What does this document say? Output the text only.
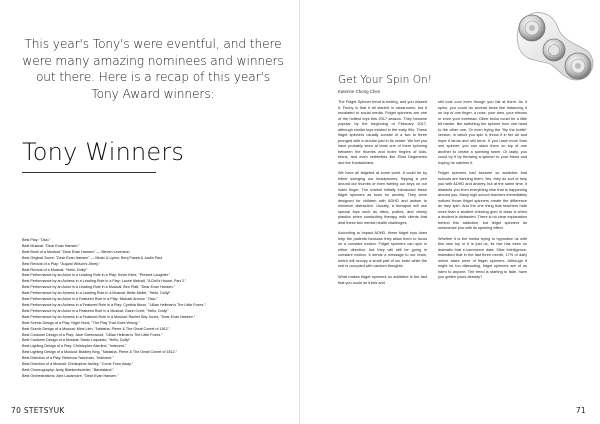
This year's Tony's were eventful, and there were many amazing nominees and winners out there. Here is a recap of this year's Tony Award winners:

Tony Winners
Best Play: "Oslo."
Best Musical: "Dear Evan Hansen."
Best Book of a Musical: "Dear Evan Hansen" — Steven Levenson
Best Original Score: "Dear Evan Hansen" — Music & Lyrics: Benj Pasek & Justin Paul
Best Revival of a Play: "August Wilson's Jitney."
Best Revival of a Musical: "Hello, Dolly!"
Best Performance by an Actor in a Leading Role in a Play: Kevin Kline, "Present Laughter."
Best Performance by an Actress in a Leading Role in a Play: Laurie Metcalf, "A Doll's House, Part 2."
Best Performance by an Actor in a Leading Role in a Musical: Ben Platt, "Dear Evan Hansen."
Best Performance by an Actress in a Leading Role in a Musical: Bette Midler, "Hello, Dolly!"
Best Performance by an Actor in a Featured Role in a Play: Michael Aronov, "Oslo."
Best Performance by an Actress in a Featured Role in a Play: Cynthia Nixon, "Lillian Hellman's The Little Foxes."
Best Performance by an Actor in a Featured Role in a Musical: Gavin Creel, "Hello, Dolly!"
Best Performance by an Actress in a Featured Role in a Musical: Rachel Bay Jones, "Dear Evan Hansen."
Best Scenic Design of a Play: Nigel Hook, "The Play That Goes Wrong."
Best Scenic Design of a Musical: Mimi Lien, "Natasha, Pierre & The Great Comet of 1812."
Best Costume Design of a Play: Jane Greenwood, "Lillian Hellman's The Little Foxes."
Best Costume Design of a Musical: Santo Loquasto, "Hello, Dolly!"
Best Lighting Design of a Play: Christopher Akerlind, "Indecent."
Best Lighting Design of a Musical: Bradley King, "Natasha, Pierre & The Great Comet of 1812."
Best Direction of a Play: Rebecca Taichman, "Indecent."
Best Direction of a Musical: Christopher Ashley, "Come From Away."
Best Choreography: Andy Blankenbuehler, "Bandstand."
Best Orchestrations: Alex Lacamoire, "Dear Evan Hansen."
70 STETSYUK	71
Get Your Spin On!
Katerine Chong Chen

The Fidget Spinner trend is ending, and you missed it. Funny is that it all started in classrooms, but it escalated to social media. Fidget spinners are one of the hottest toys this 2017 season. They became popular by the beginning of February 2017, although similar toys existed in the early 90s. These fidget spinners usually consist of a two to three pronged with a circular pad in its center. We bet you have probably seen at least one of them spinning between the thumbs and index fingers of kids, teens, and even celebrities like Elliot Degeneres and the Kardashians.

We have all fidgeted at some point. It could be by either swinging our headphones, flipping a pen around our thumbs or even twirling our keys on our index finger. The market initially introduced these fidget spinners as tools for anxiety. They were designed for children with ADHD and autism to minimize distraction. Usually, a therapist will use special toys such as discs, putties, and chewy plastics when conducting therapy with clients that deal these two mental health challenges.

According to Impact ADHD, these fidget toys does help the patients because they allow them to focus on a constant motion. Fidget spinners can spin in either direction, but they will still be going in constant motion. It sends a message to our brain, which will occupy a small part of our brain while the rest is occupied with random thoughts.

What makes fidget spinners so addictive is the fact that you could do tricks and

still look cool even though you fail at them. As it spins, you could do several tricks like balancing it on top of one finger, a nose, your toes, your elbows or even your forehead. Other tricks could be a little bit harder, like switching the spinner from one hand to the other one. Or even trying the "flip the bottle" version, in which you spin it, throw it in the air and hope it lands and still turns. If you have more than one spinner, you can stack them on top of one another to create a spinning tower. Or lastly, you could try it by throwing a spinner to your friend and hoping he catches it.

Fidget spinners had become so addictive that schools are banning them. Yes, they do sort of help you with ADHD and anxiety, but at the same time, it distracts you from everything else that is happening around you. Many high school teachers immediately noticed those fidget spinners create the difference as they spin. And the one thing that teachers hate more than a student chewing gum in class is when a student is distracted. There is no clear explanation behind this addiction, but fidget spinners do mesmerize you with its spinning effect.

Whether it is the media trying to hypnotize us with this new toy or it is just us, its rise has been so dramatic that e-commerce data, Slice Intelligence, estimated that in the last three month, 17% of daily online sales were of fidget spinners. Although it might be too distracting, fidget spinners are of no harm to anyone. The trend is starting to fade, have you gotten yours already?
